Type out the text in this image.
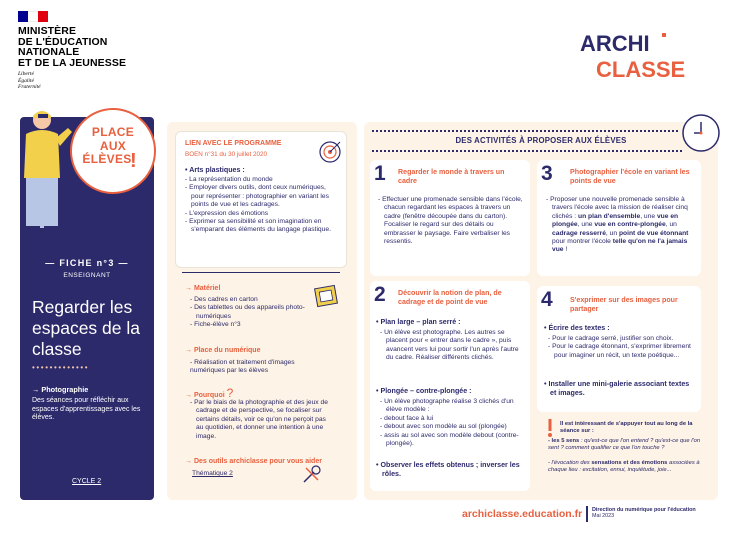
MINISTÈRE
DE L'ÉDUCATION
NATIONALE
ET DE LA JEUNESSE
Liberté
Égalité
Fraternité
ARCHI
CLASSE
PLACE
AUX
ÉLÈVES
!
— FICHE n°3 —
ENSEIGNANT
Regarder les espaces de la classe
•••••••••••••
→ Photographie
Des séances pour réfléchir aux espaces d'apprentissages avec les élèves.
CYCLE 2
LIEN AVEC LE PROGRAMME
BOEN n°31 du 30 juillet 2020
• Arts plastiques :
- La représentation du monde
- Employer divers outils, dont ceux numériques, pour représenter : photographier en variant les points de vue et les cadrages.
- L'expression des émotions
- Exprimer sa sensibilité et son imagination en s'emparant des éléments du langage plastique.
→ Matériel
- Des cadres en carton
- Des tablettes ou des appareils photo-numériques
- Fiche-élève n°3
→ Place du numérique
- Réalisation et traitement d'images numériques par les élèves
→ Pourquoi ?
- Par le biais de la photographie et des jeux de cadrage et de perspective, se focaliser sur certains détails, voir ce qu'on ne perçoit pas au quotidien, et donner une intention à une image.
→ Des outils archiclasse pour vous aider
Thématique 2
DES ACTIVITÉS À PROPOSER AUX ÉLÈVES
1 Regarder le monde à travers un cadre
- Effectuer une promenade sensible dans l'école, chacun regardant les espaces à travers un cadre (fenêtre découpée dans du carton). Focaliser le regard sur des détails ou embrasser le paysage. Faire verbaliser les ressentis.
2 Découvrir la notion de plan, de cadrage et de point de vue
• Plan large – plan serré :
- Un élève est photographe. Les autres se placent pour « entrer dans le cadre », puis avancent vers lui pour sortir l'un après l'autre du cadre. Réaliser différents clichés.
• Plongée – contre-plongée :
- Un élève photographe réalise 3 clichés d'un élève modèle :
- debout face à lui
- debout avec son modèle au sol (plongée)
- assis au sol avec son modèle debout (contre-plongée).
• Observer les effets obtenus ; inverser les rôles.
3 Photographier l'école en variant les points de vue
- Proposer une nouvelle promenade sensible à travers l'école avec la mission de réaliser cinq clichés : un plan d'ensemble, une vue en plongée, une vue en contre-plongée, un cadrage resserré, un point de vue étonnant pour montrer l'école telle qu'on ne l'a jamais vue !
4 S'exprimer sur des images pour partager
• Écrire des textes :
- Pour le cadrage serré, justifier son choix.
- Pour le cadrage étonnant, s'exprimer librement pour imaginer un récit, un texte poétique...
• Installer une mini-galerie associant textes et images.
Il est intéressant de s'appuyer tout au long de la séance sur :
- les 5 sens : qu'est-ce que l'on entend ? qu'est-ce que l'on sent ? comment qualifier ce que l'on touche ?
- l'évocation des sensations et des émotions associées à chaque lieu : excitation, ennui, inquiétude, joie...
archiclasse.education.fr Direction du numérique pour l'éducation
Mai 2023
